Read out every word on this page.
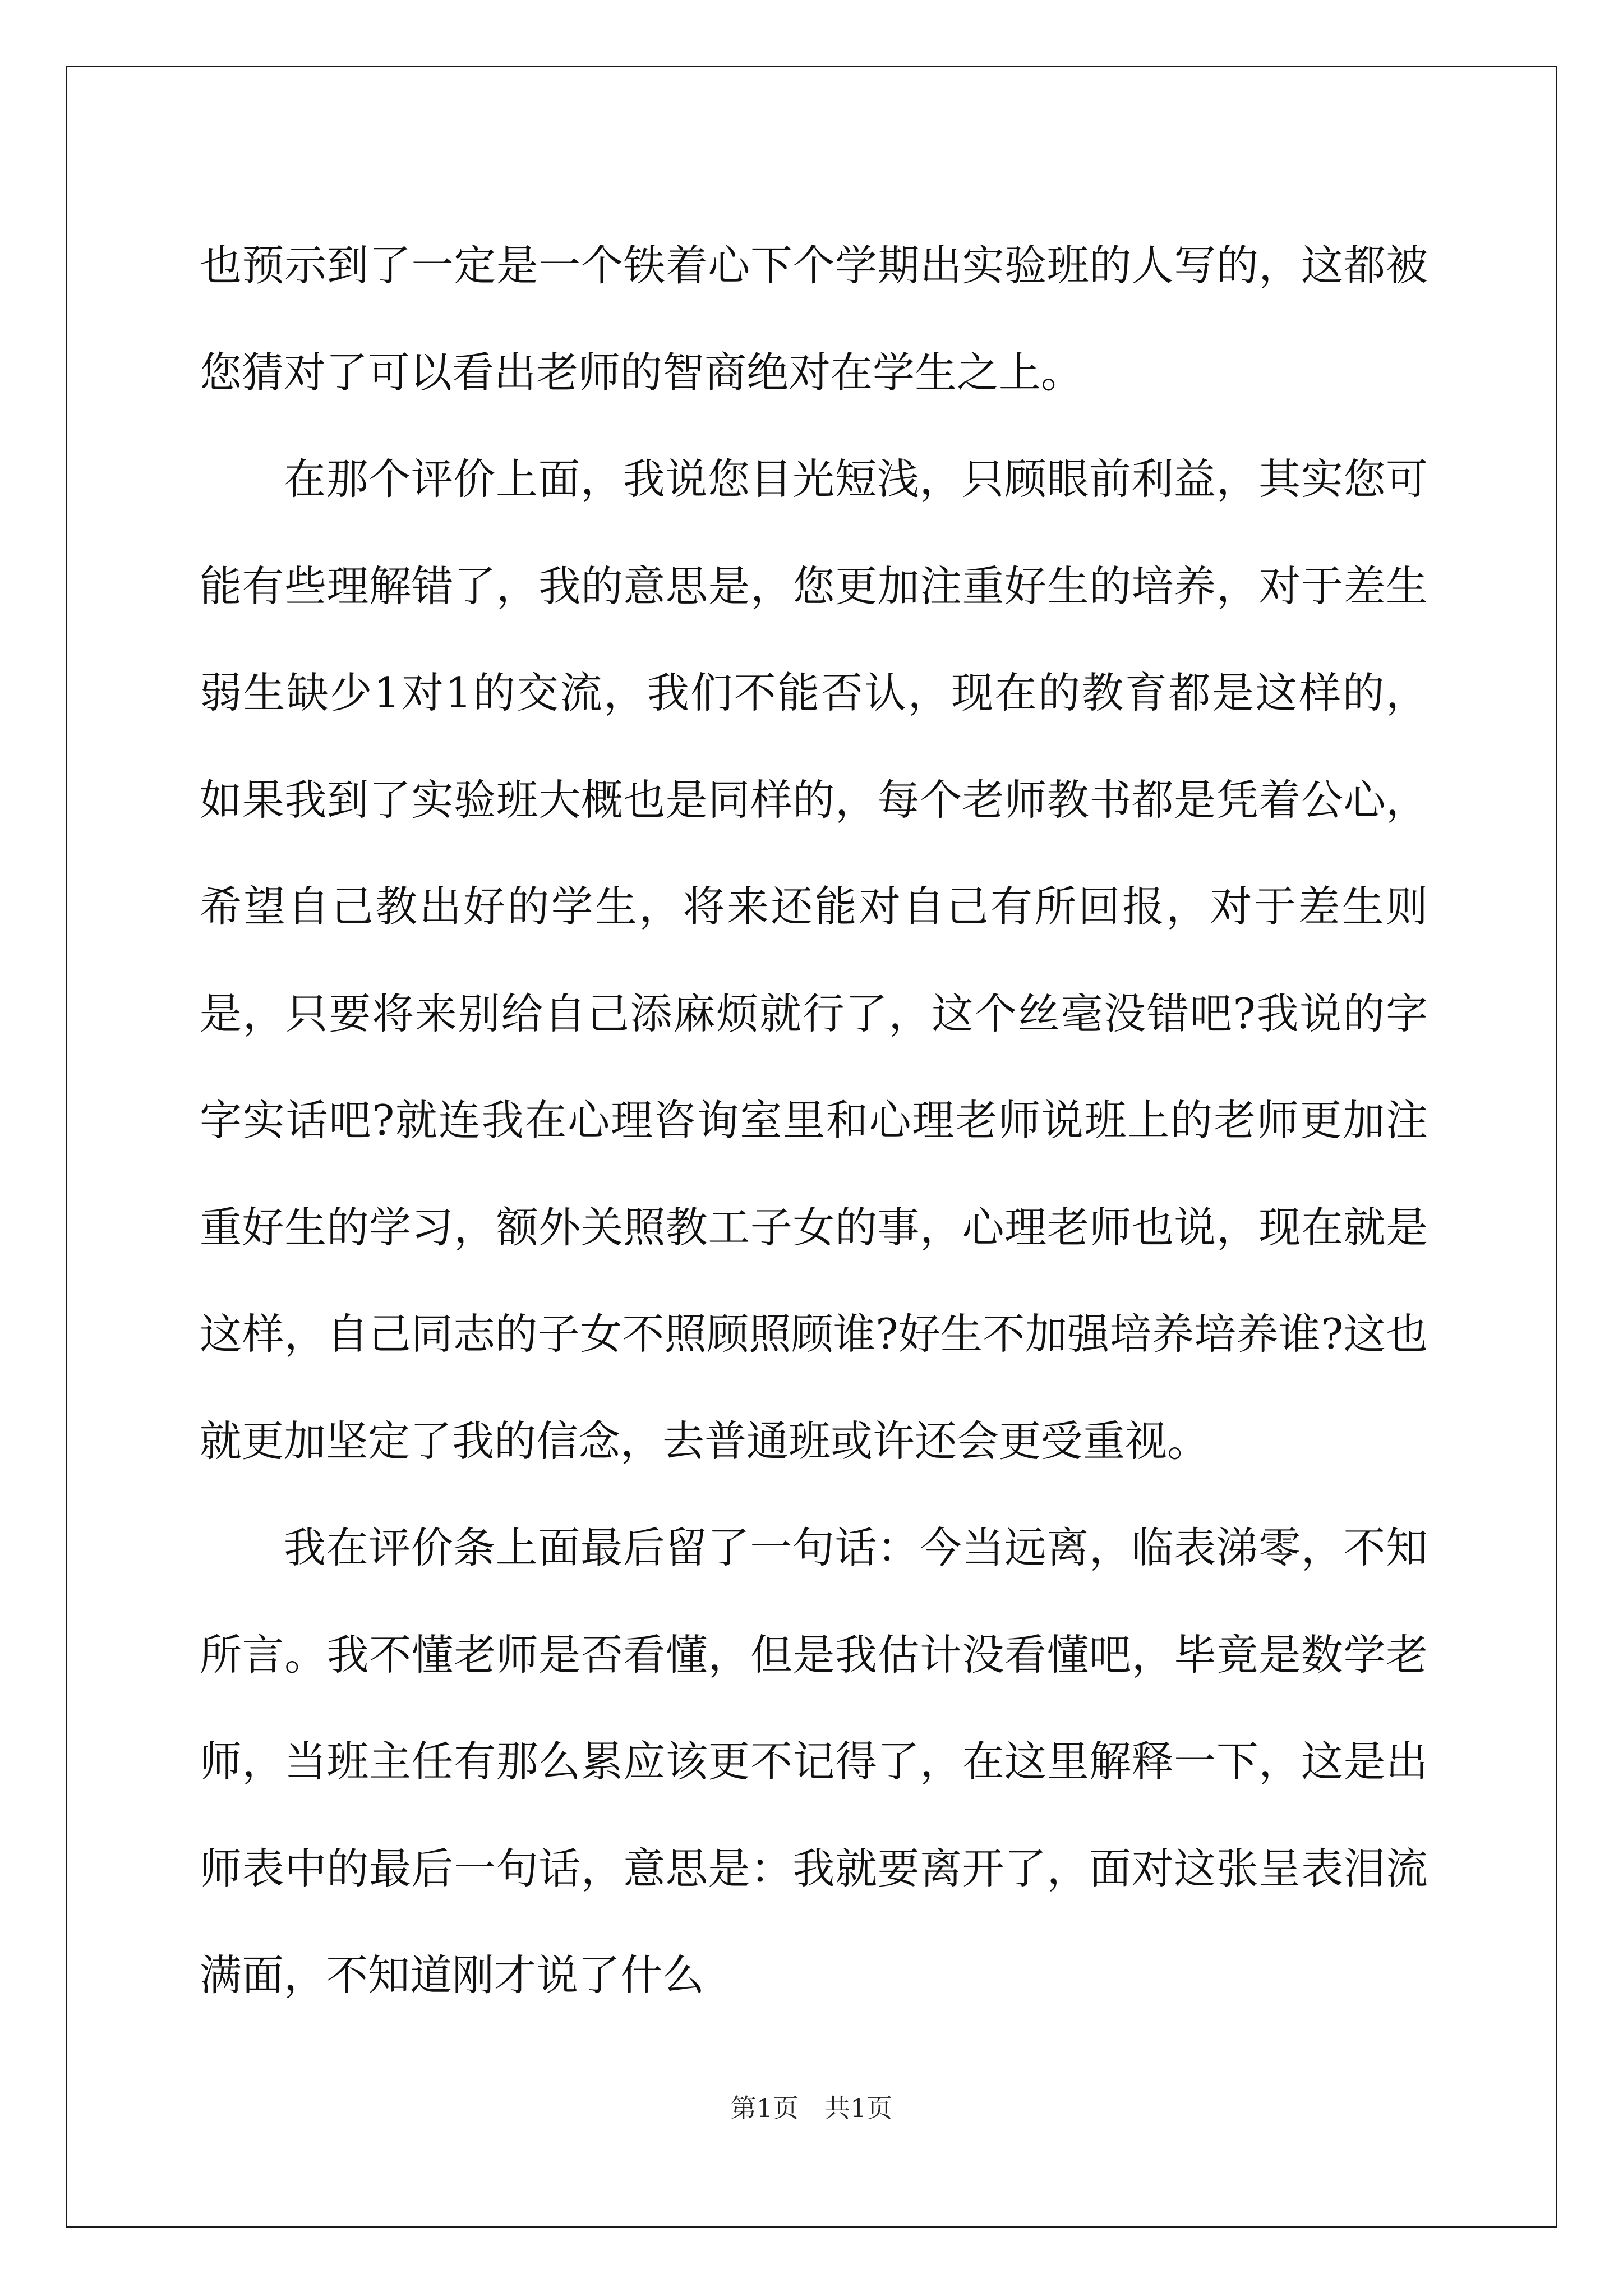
也预示到了一定是一个铁着心下个学期出实验班的人写的，这都被您猜对了可以看出老师的智商绝对在学生之上。

在那个评价上面，我说您目光短浅，只顾眼前利益，其实您可能有些理解错了，我的意思是，您更加注重好生的培养，对于差生弱生缺少1对1的交流，我们不能否认，现在的教育都是这样的，如果我到了实验班大概也是同样的，每个老师教书都是凭着公心，希望自己教出好的学生，将来还能对自己有所回报，对于差生则是，只要将来别给自己添麻烦就行了，这个丝毫没错吧?我说的字字实话吧?就连我在心理咨询室里和心理老师说班上的老师更加注重好生的学习，额外关照教工子女的事，心理老师也说，现在就是这样，自己同志的子女不照顾照顾谁?好生不加强培养培养谁?这也就更加坚定了我的信念，去普通班或许还会更受重视。

我在评价条上面最后留了一句话：今当远离，临表涕零，不知所言。我不懂老师是否看懂，但是我估计没看懂吧，毕竟是数学老师，当班主任有那么累应该更不记得了，在这里解释一下，这是出师表中的最后一句话，意思是：我就要离开了，面对这张呈表泪流满面，不知道刚才说了什么

第1页　共1页
